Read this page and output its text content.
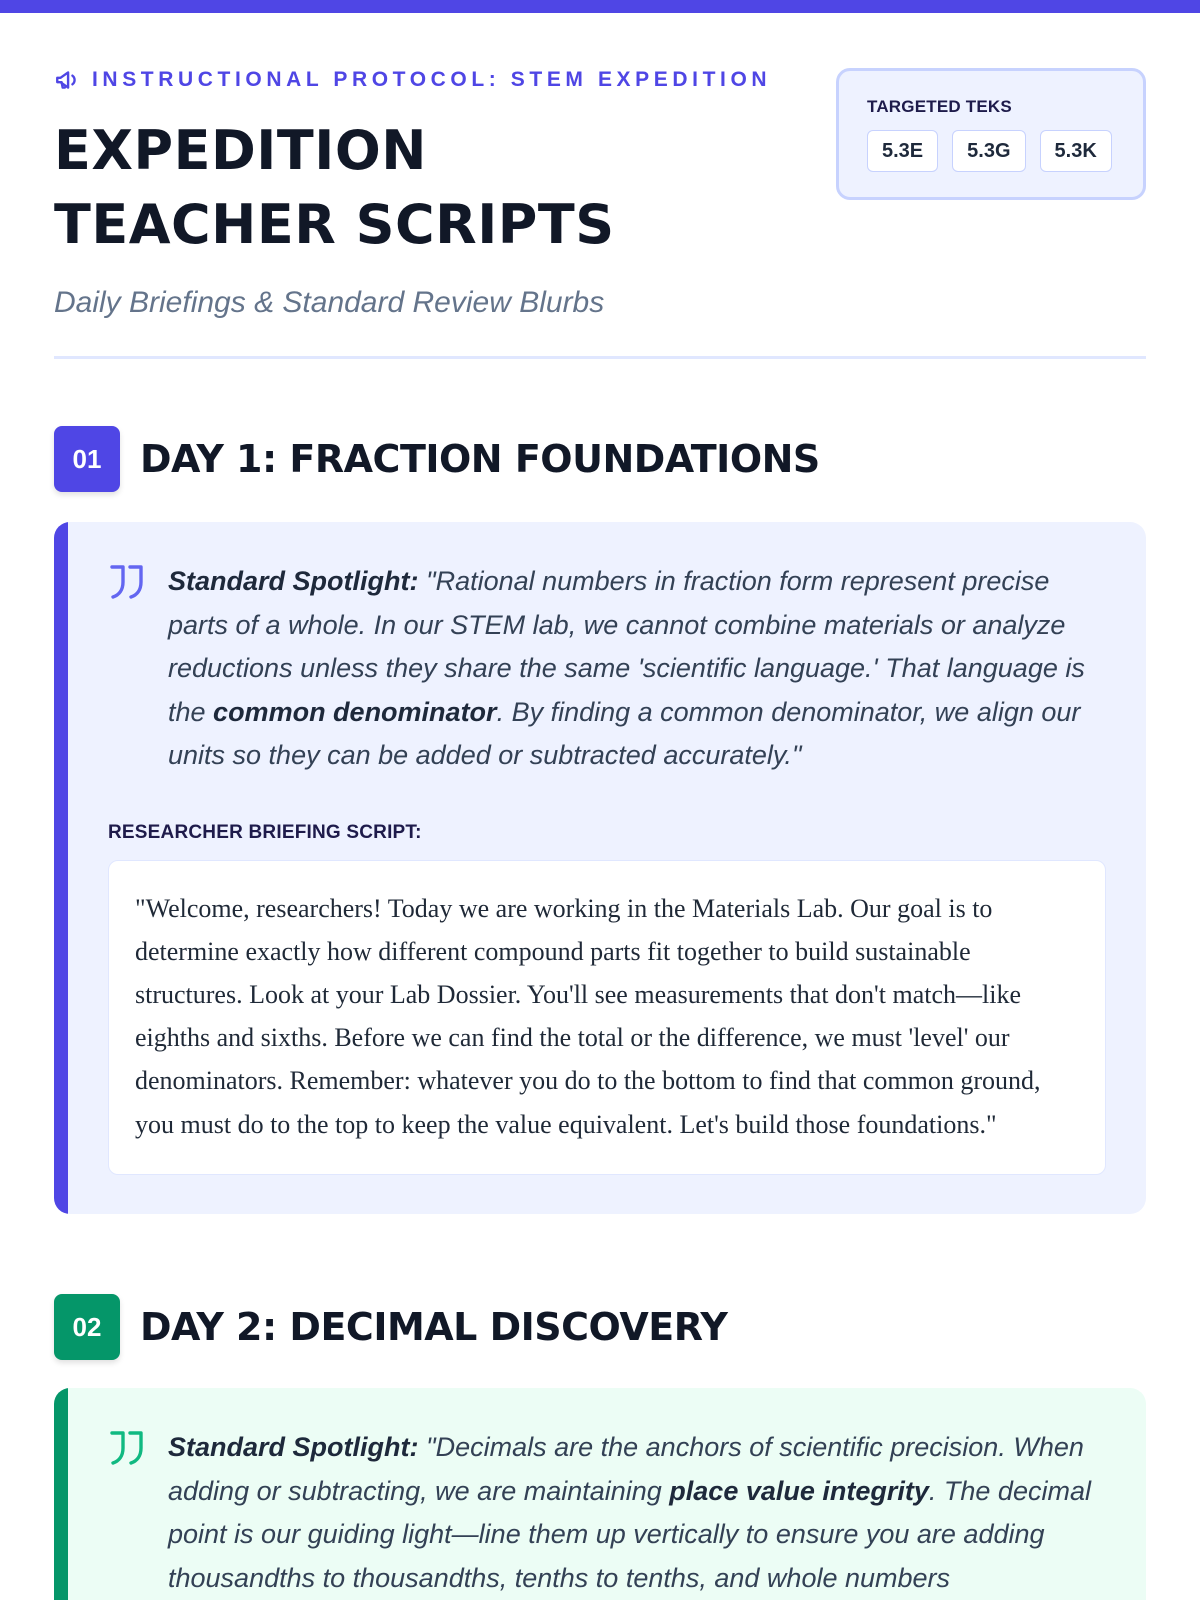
INSTRUCTIONAL PROTOCOL: STEM EXPEDITION
EXPEDITION
TEACHER SCRIPTS
Daily Briefings & Standard Review Blurbs
TARGETED TEKS
5.3E	5.3G	5.3K
01	DAY 1: FRACTION FOUNDATIONS

Standard Spotlight: "Rational numbers in fraction form represent precise parts of a whole. In our STEM lab, we cannot combine materials or analyze reductions unless they share the same 'scientific language.' That language is the common denominator. By finding a common denominator, we align our units so they can be added or subtracted accurately."

RESEARCHER BRIEFING SCRIPT:

"Welcome, researchers! Today we are working in the Materials Lab. Our goal is to determine exactly how different compound parts fit together to build sustainable structures. Look at your Lab Dossier. You'll see measurements that don't match—like eighths and sixths. Before we can find the total or the difference, we must 'level' our denominators. Remember: whatever you do to the bottom to find that common ground, you must do to the top to keep the value equivalent. Let's build those foundations."

02	DAY 2: DECIMAL DISCOVERY

Standard Spotlight: "Decimals are the anchors of scientific precision. When adding or subtracting, we are maintaining place value integrity. The decimal point is our guiding light—line them up vertically to ensure you are adding thousandths to thousandths, tenths to tenths, and whole numbers
